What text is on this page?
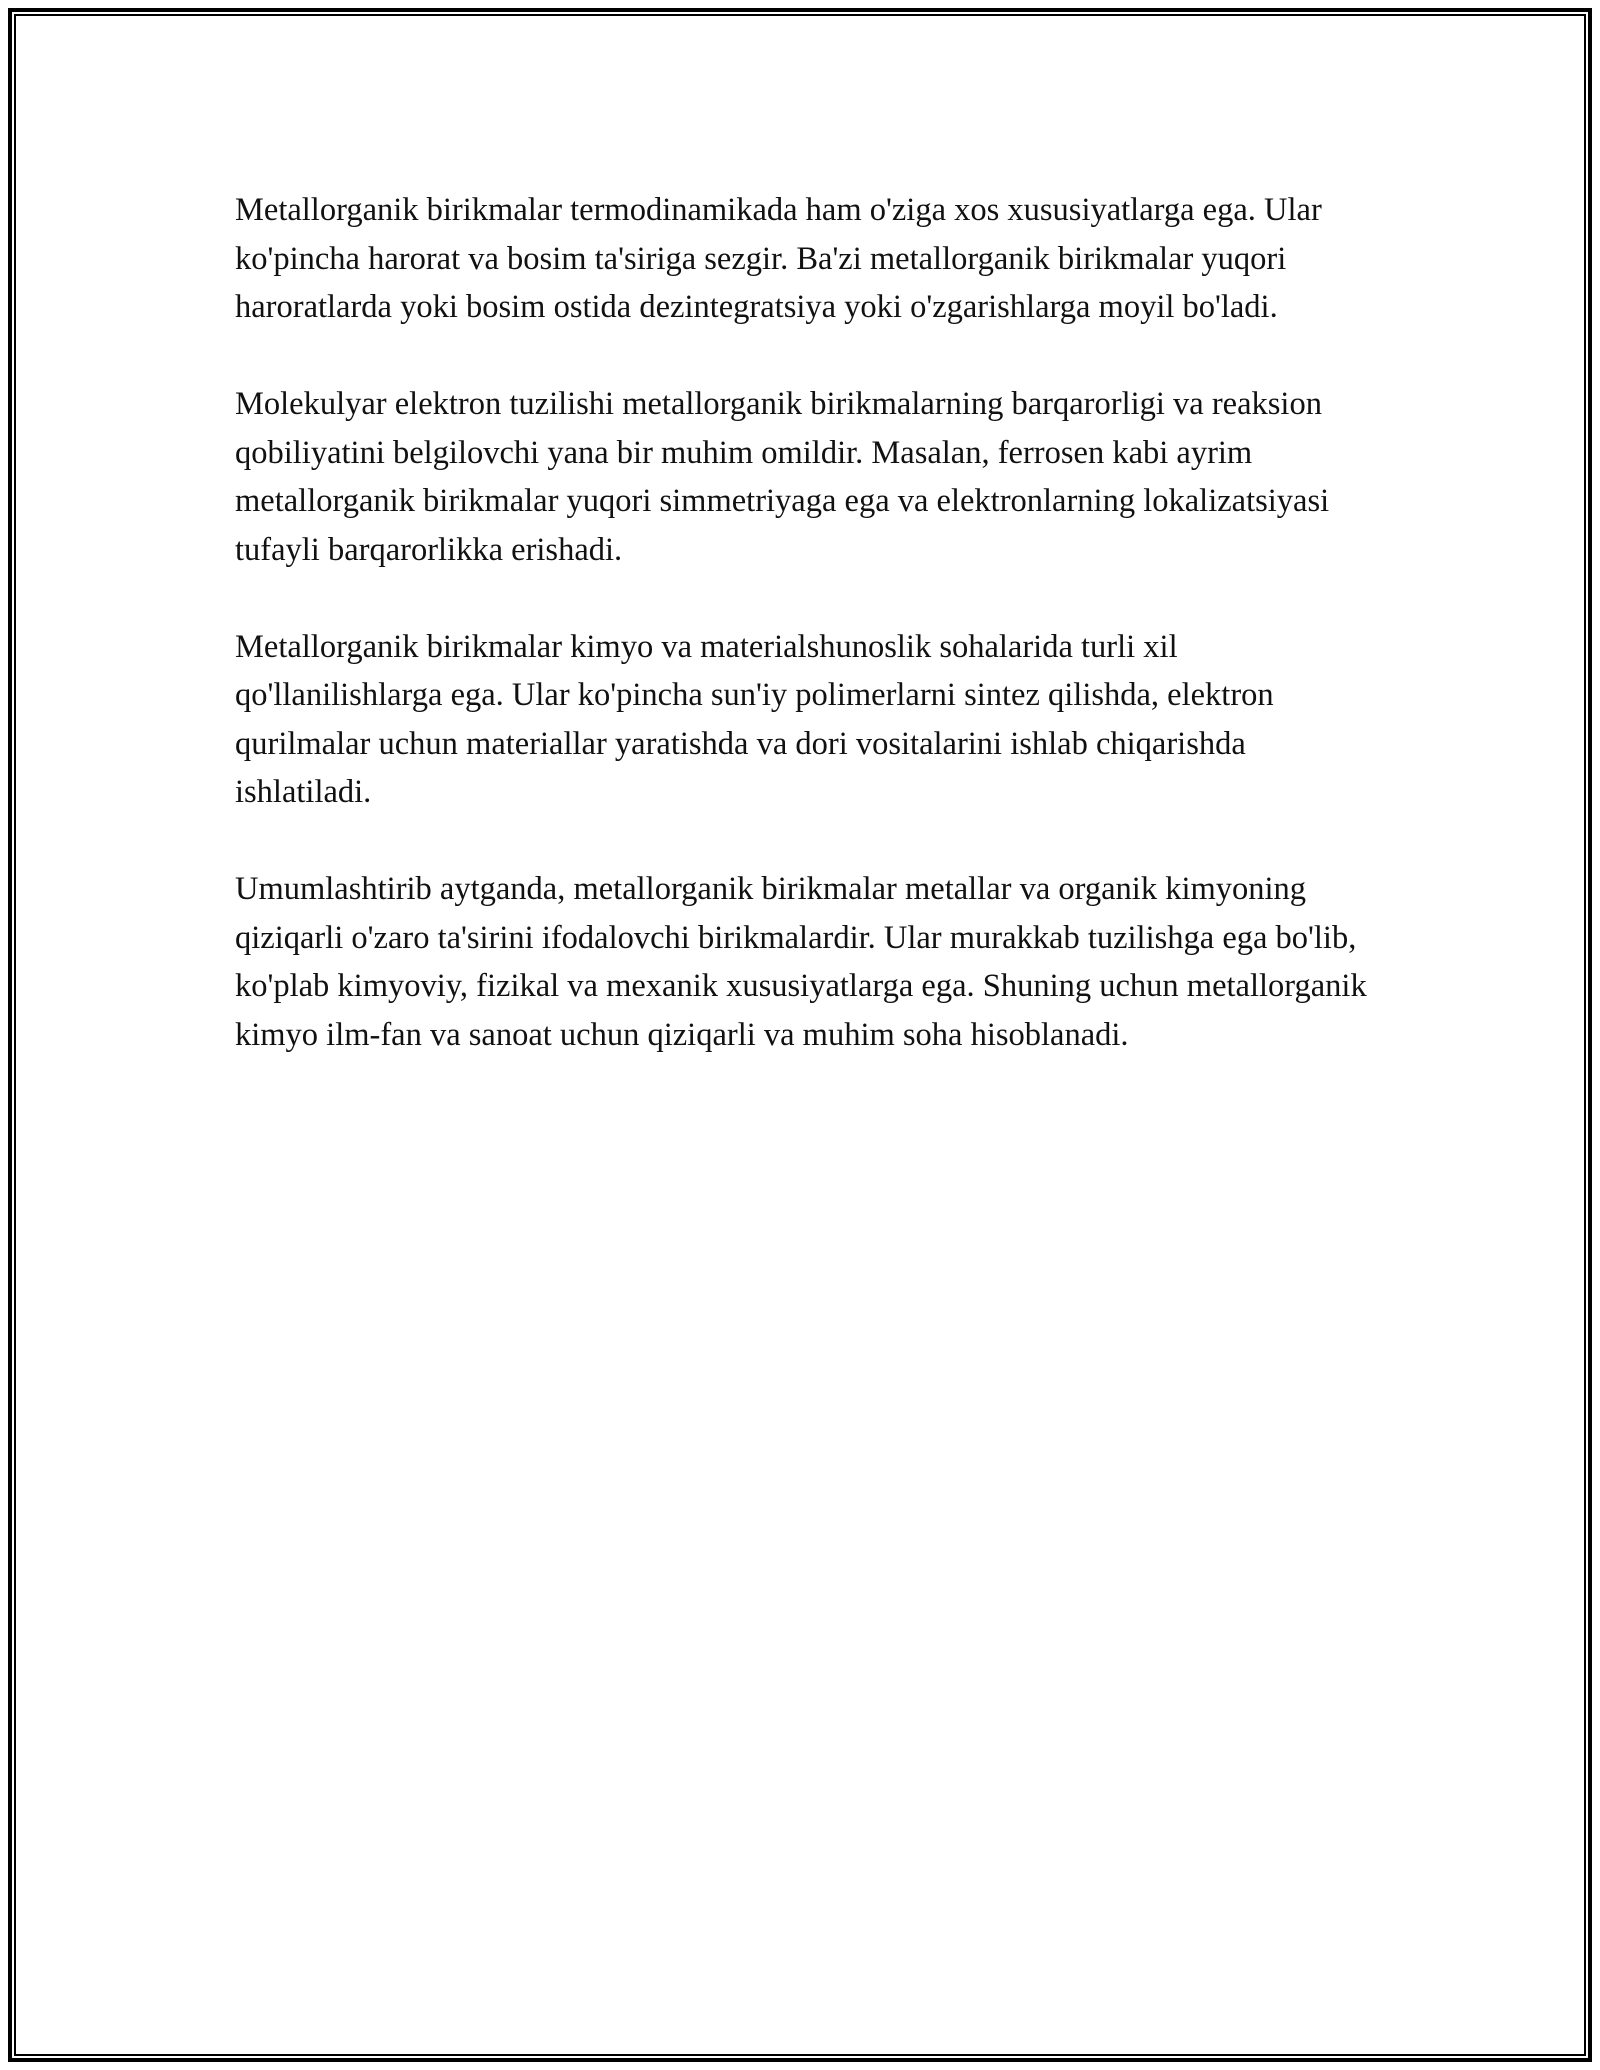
Metallorganik birikmalar termodinamikada ham o'ziga xos xususiyatlarga ega. Ular ko'pincha harorat va bosim ta'siriga sezgir. Ba'zi metallorganik birikmalar yuqori haroratlarda yoki bosim ostida dezintegratsiya yoki o'zgarishlarga moyil bo'ladi.

Molekulyar elektron tuzilishi metallorganik birikmalarning barqarorligi va reaksion qobiliyatini belgilovchi yana bir muhim omildir. Masalan, ferrosen kabi ayrim metallorganik birikmalar yuqori simmetriyaga ega va elektronlarning lokalizatsiyasi tufayli barqarorlikka erishadi.

Metallorganik birikmalar kimyo va materialshunoslik sohalarida turli xil qo'llanilishlarga ega. Ular ko'pincha sun'iy polimerlarni sintez qilishda, elektron qurilmalar uchun materiallar yaratishda va dori vositalarini ishlab chiqarishda ishlatiladi.

Umumlashtirib aytganda, metallorganik birikmalar metallar va organik kimyoning qiziqarli o'zaro ta'sirini ifodalovchi birikmalardir. Ular murakkab tuzilishga ega bo'lib, ko'plab kimyoviy, fizikal va mexanik xususiyatlarga ega. Shuning uchun metallorganik kimyo ilm-fan va sanoat uchun qiziqarli va muhim soha hisoblanadi.
